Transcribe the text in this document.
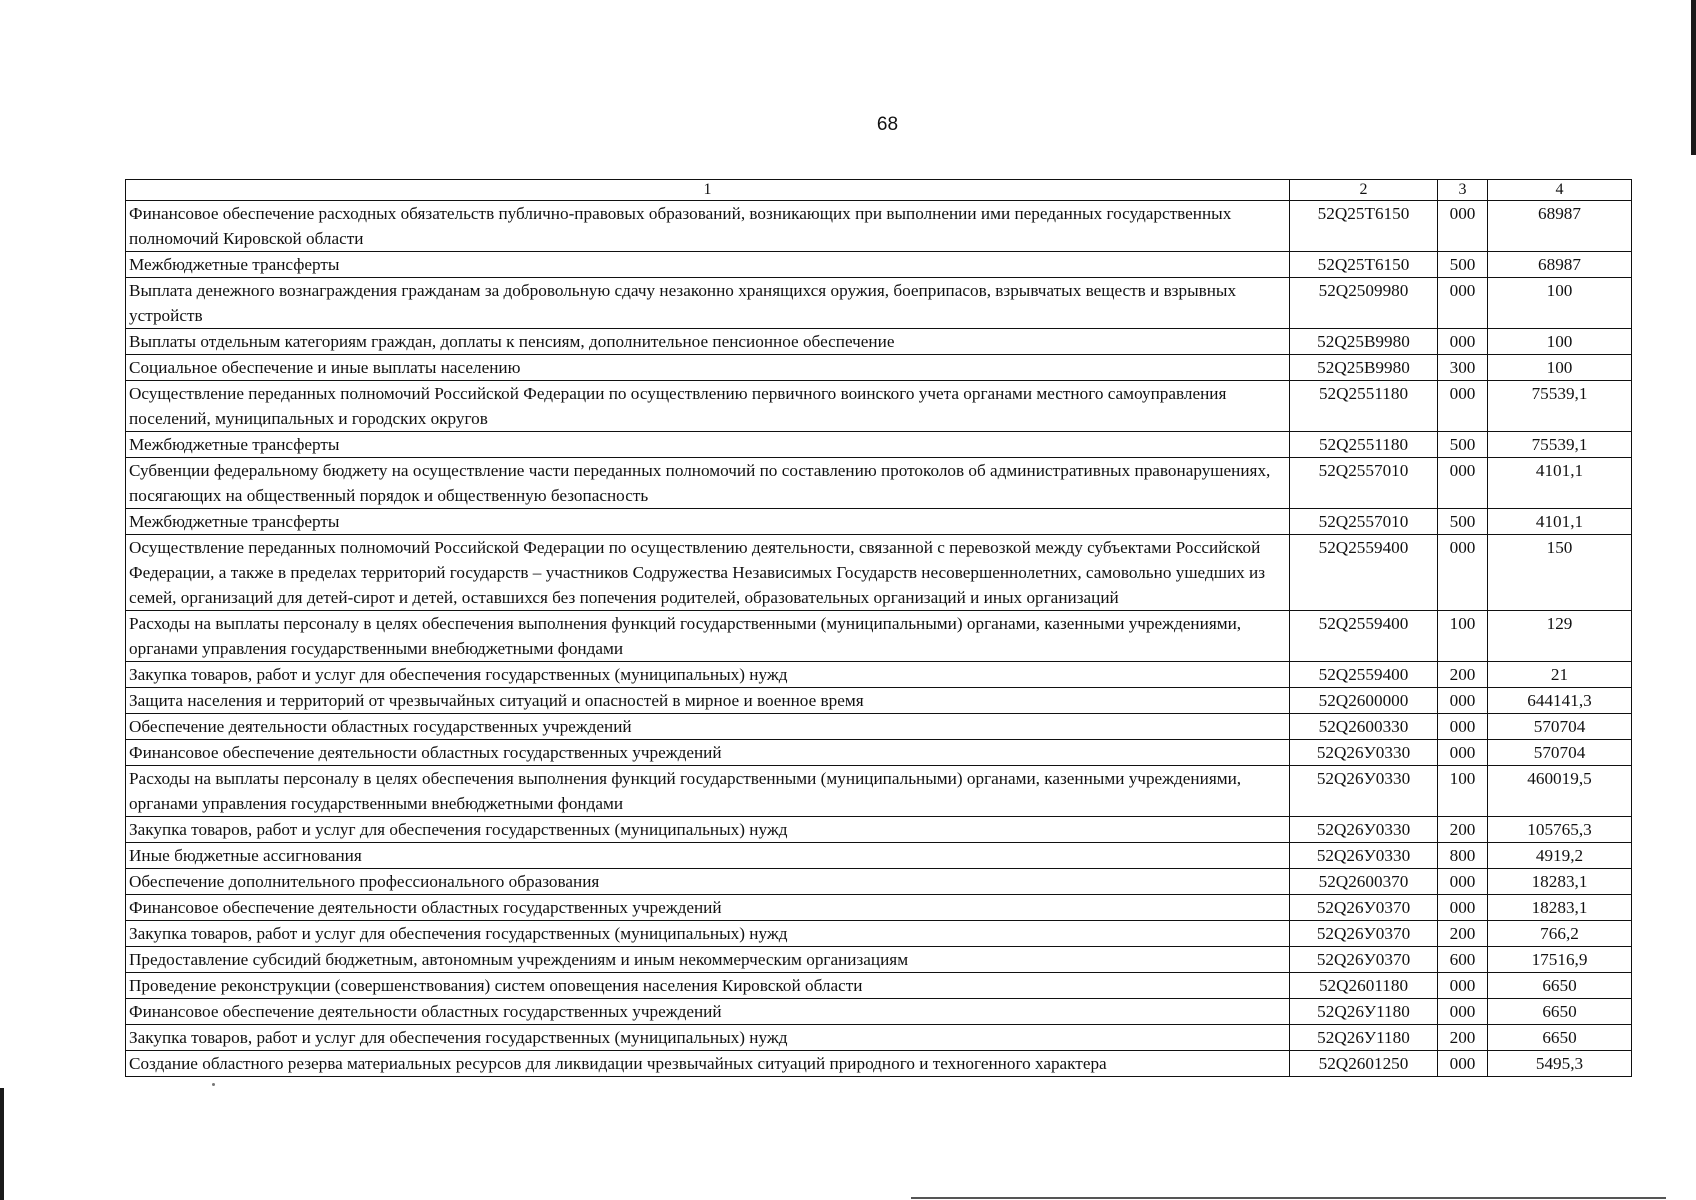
68
1	2	3	4
Финансовое обеспечение расходных обязательств публично-правовых образований, возникающих при выполнении ими переданных государственных полномочий Кировской области	52Q25T6150	000	68987
Межбюджетные трансферты	52Q25T6150	500	68987
Выплата денежного вознаграждения гражданам за добровольную сдачу незаконно хранящихся оружия, боеприпасов, взрывчатых веществ и взрывных устройств	52Q2509980	000	100
Выплаты отдельным категориям граждан, доплаты к пенсиям, дополнительное пенсионное обеспечение	52Q25B9980	000	100
Социальное обеспечение и иные выплаты населению	52Q25B9980	300	100
Осуществление переданных полномочий Российской Федерации по осуществлению первичного воинского учета органами местного самоуправления поселений, муниципальных и городских округов	52Q2551180	000	75539,1
Межбюджетные трансферты	52Q2551180	500	75539,1
Субвенции федеральному бюджету на осуществление части переданных полномочий по составлению протоколов об административных правонарушениях, посягающих на общественный порядок и общественную безопасность	52Q2557010	000	4101,1
Межбюджетные трансферты	52Q2557010	500	4101,1
Осуществление переданных полномочий Российской Федерации по осуществлению деятельности, связанной с перевозкой между субъектами Российской Федерации, а также в пределах территорий государств – участников Содружества Независимых Государств несовершеннолетних, самовольно ушедших из семей, организаций для детей-сирот и детей, оставшихся без попечения родителей, образовательных организаций и иных организаций	52Q2559400	000	150
Расходы на выплаты персоналу в целях обеспечения выполнения функций государственными (муниципальными) органами, казенными учреждениями, органами управления государственными внебюджетными фондами	52Q2559400	100	129
Закупка товаров, работ и услуг для обеспечения государственных (муниципальных) нужд	52Q2559400	200	21
Защита населения и территорий от чрезвычайных ситуаций и опасностей в мирное и военное время	52Q2600000	000	644141,3
Обеспечение деятельности областных государственных учреждений	52Q2600330	000	570704
Финансовое обеспечение деятельности областных государственных учреждений	52Q26У0330	000	570704
Расходы на выплаты персоналу в целях обеспечения выполнения функций государственными (муниципальными) органами, казенными учреждениями, органами управления государственными внебюджетными фондами	52Q26У0330	100	460019,5
Закупка товаров, работ и услуг для обеспечения государственных (муниципальных) нужд	52Q26У0330	200	105765,3
Иные бюджетные ассигнования	52Q26У0330	800	4919,2
Обеспечение дополнительного профессионального образования	52Q2600370	000	18283,1
Финансовое обеспечение деятельности областных государственных учреждений	52Q26У0370	000	18283,1
Закупка товаров, работ и услуг для обеспечения государственных (муниципальных) нужд	52Q26У0370	200	766,2
Предоставление субсидий бюджетным, автономным учреждениям и иным некоммерческим организациям	52Q26У0370	600	17516,9
Проведение реконструкции (совершенствования) систем оповещения населения Кировской области	52Q2601180	000	6650
Финансовое обеспечение деятельности областных государственных учреждений	52Q26У1180	000	6650
Закупка товаров, работ и услуг для обеспечения государственных (муниципальных) нужд	52Q26У1180	200	6650
Создание областного резерва материальных ресурсов для ликвидации чрезвычайных ситуаций природного и техногенного характера	52Q2601250	000	5495,3
